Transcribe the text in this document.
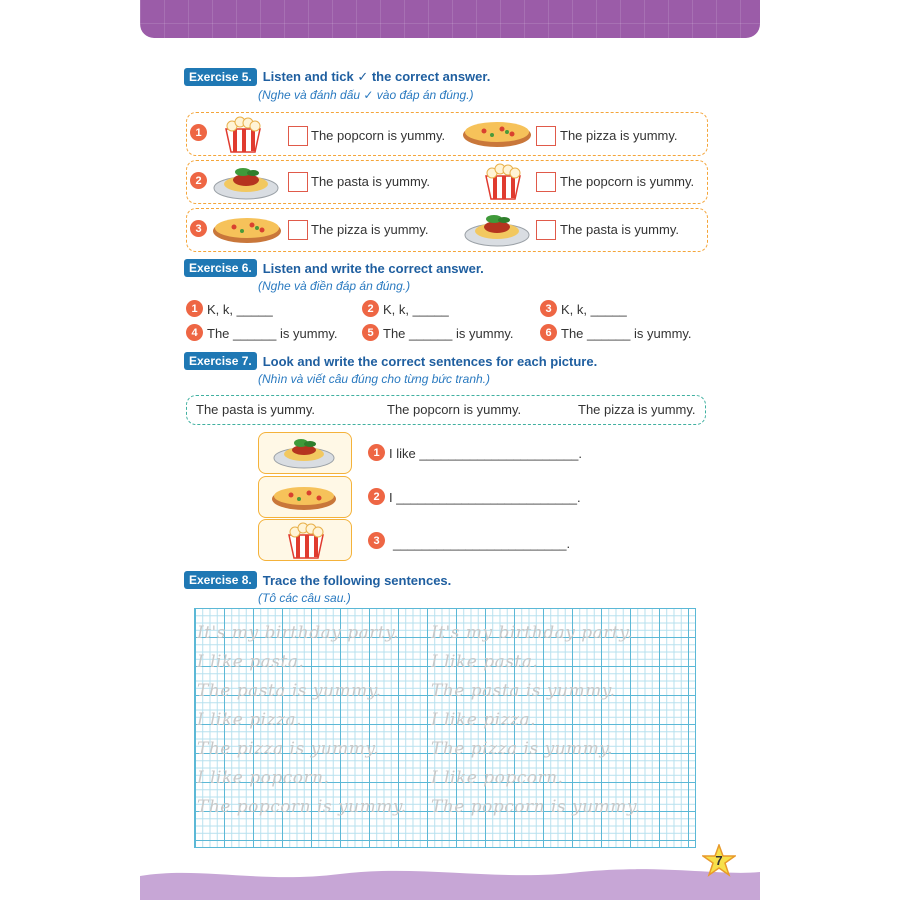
Exercise 5. Listen and tick ✓ the correct answer.
(Nghe và đánh dấu ✓ vào đáp án đúng.)
1	The popcorn is yummy.	The pizza is yummy.
2	The pasta is yummy.	The popcorn is yummy.
3	The pizza is yummy.	The pasta is yummy.
Exercise 6. Listen and write the correct answer.
(Nghe và điền đáp án đúng.)
1 K, k, _____	2 K, k, _____	3 K, k, _____
4 The ______ is yummy.	5 The ______ is yummy.	6 The ______ is yummy.
Exercise 7. Look and write the correct sentences for each picture.
(Nhìn và viết câu đúng cho từng bức tranh.)
The pasta is yummy.	The popcorn is yummy.	The pizza is yummy.
1 I like ______________________.
2 I _________________________.
3	________________________.
Exercise 8. Trace the following sentences.
(Tô các câu sau.)
It's my birthday party. It's my birthday party.
I like pasta.	I like pasta.
The pasta is yummy.	The pasta is yummy.
I like pizza.	I like pizza.
The pizza is yummy.	The pizza is yummy.
I like popcorn.	I like popcorn.
The popcorn is yummy. The popcorn is yummy.
7
